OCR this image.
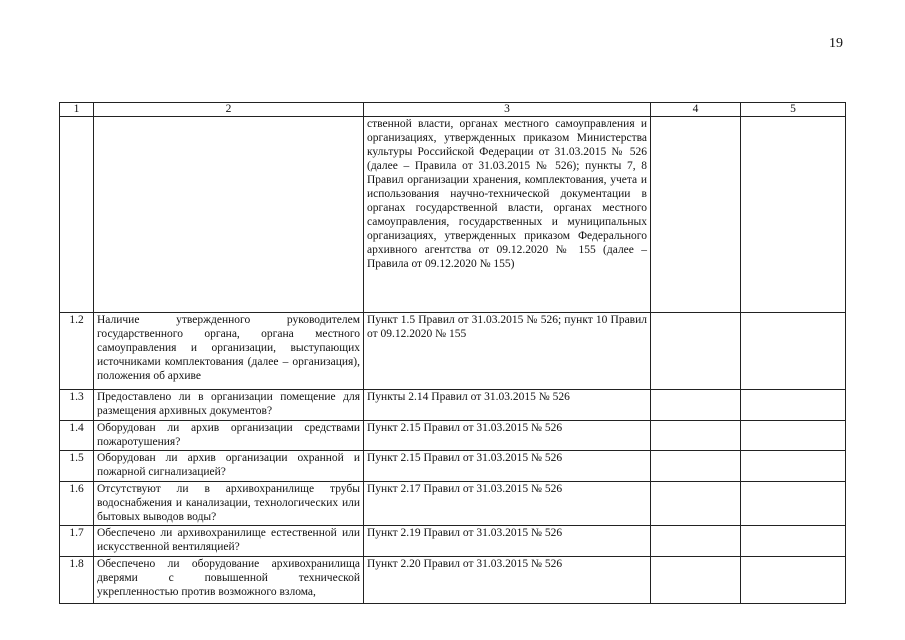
19
1	2	3	4	5
		ственной власти, органах местного самоуправления и организациях, утвержденных приказом Министерства культуры Российской Федерации от 31.03.2015 № 526 (далее – Правила от 31.03.2015 № 526); пункты 7, 8 Правил организации хранения, комплектования, учета и использования научно-технической документации в органах государственной власти, органах местного самоуправления, государственных и муниципальных организациях, утвержденных приказом Федерального архивного агентства от 09.12.2020 № 155 (далее – Правила от 09.12.2020 № 155)		
1.2	Наличие утвержденного руководителем государственного органа, органа местного самоуправления и организации, выступающих источниками комплектования (далее – организация), положения об архиве	Пункт 1.5 Правил от 31.03.2015 № 526; пункт 10 Правил от 09.12.2020 № 155		
1.3	Предоставлено ли в организации помещение для размещения архивных документов?	Пункты 2.14 Правил от 31.03.2015 № 526		
1.4	Оборудован ли архив организации средствами пожаротушения?	Пункт 2.15 Правил от 31.03.2015 № 526		
1.5	Оборудован ли архив организации охранной и пожарной сигнализацией?	Пункт 2.15 Правил от 31.03.2015 № 526		
1.6	Отсутствуют ли в архивохранилище трубы водоснабжения и канализации, технологических или бытовых выводов воды?	Пункт 2.17 Правил от 31.03.2015 № 526		
1.7	Обеспечено ли архивохранилище естественной или искусственной вентиляцией?	Пункт 2.19 Правил от 31.03.2015 № 526		
1.8	Обеспечено ли оборудование архивохранилища дверями с повышенной технической укрепленностью против возможного взлома,	Пункт 2.20 Правил от 31.03.2015 № 526		
